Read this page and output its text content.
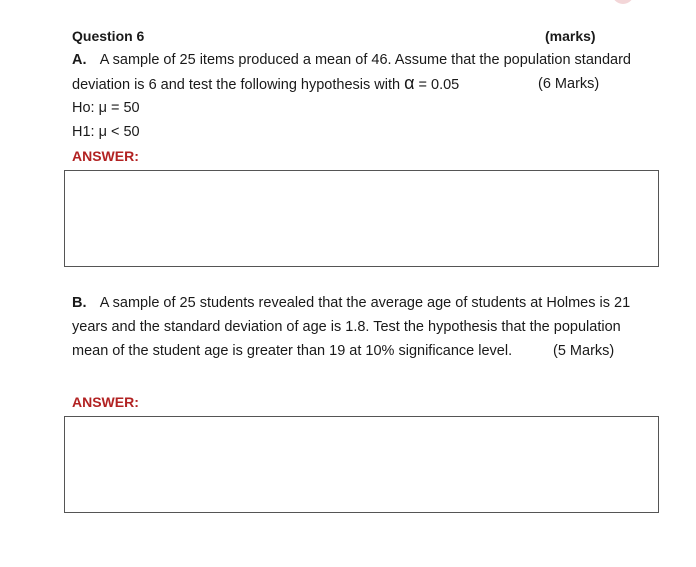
Question 6	(marks)
A. A sample of 25 items produced a mean of 46. Assume that the population standard
deviation is 6 and test the following hypothesis with α = 0.05	(6 Marks)
Ho: μ = 50
H1: μ < 50
ANSWER:
B. A sample of 25 students revealed that the average age of students at Holmes is 21
years and the standard deviation of age is 1.8. Test the hypothesis that the population
mean of the student age is greater than 19 at 10% significance level.	(5 Marks)
ANSWER:
